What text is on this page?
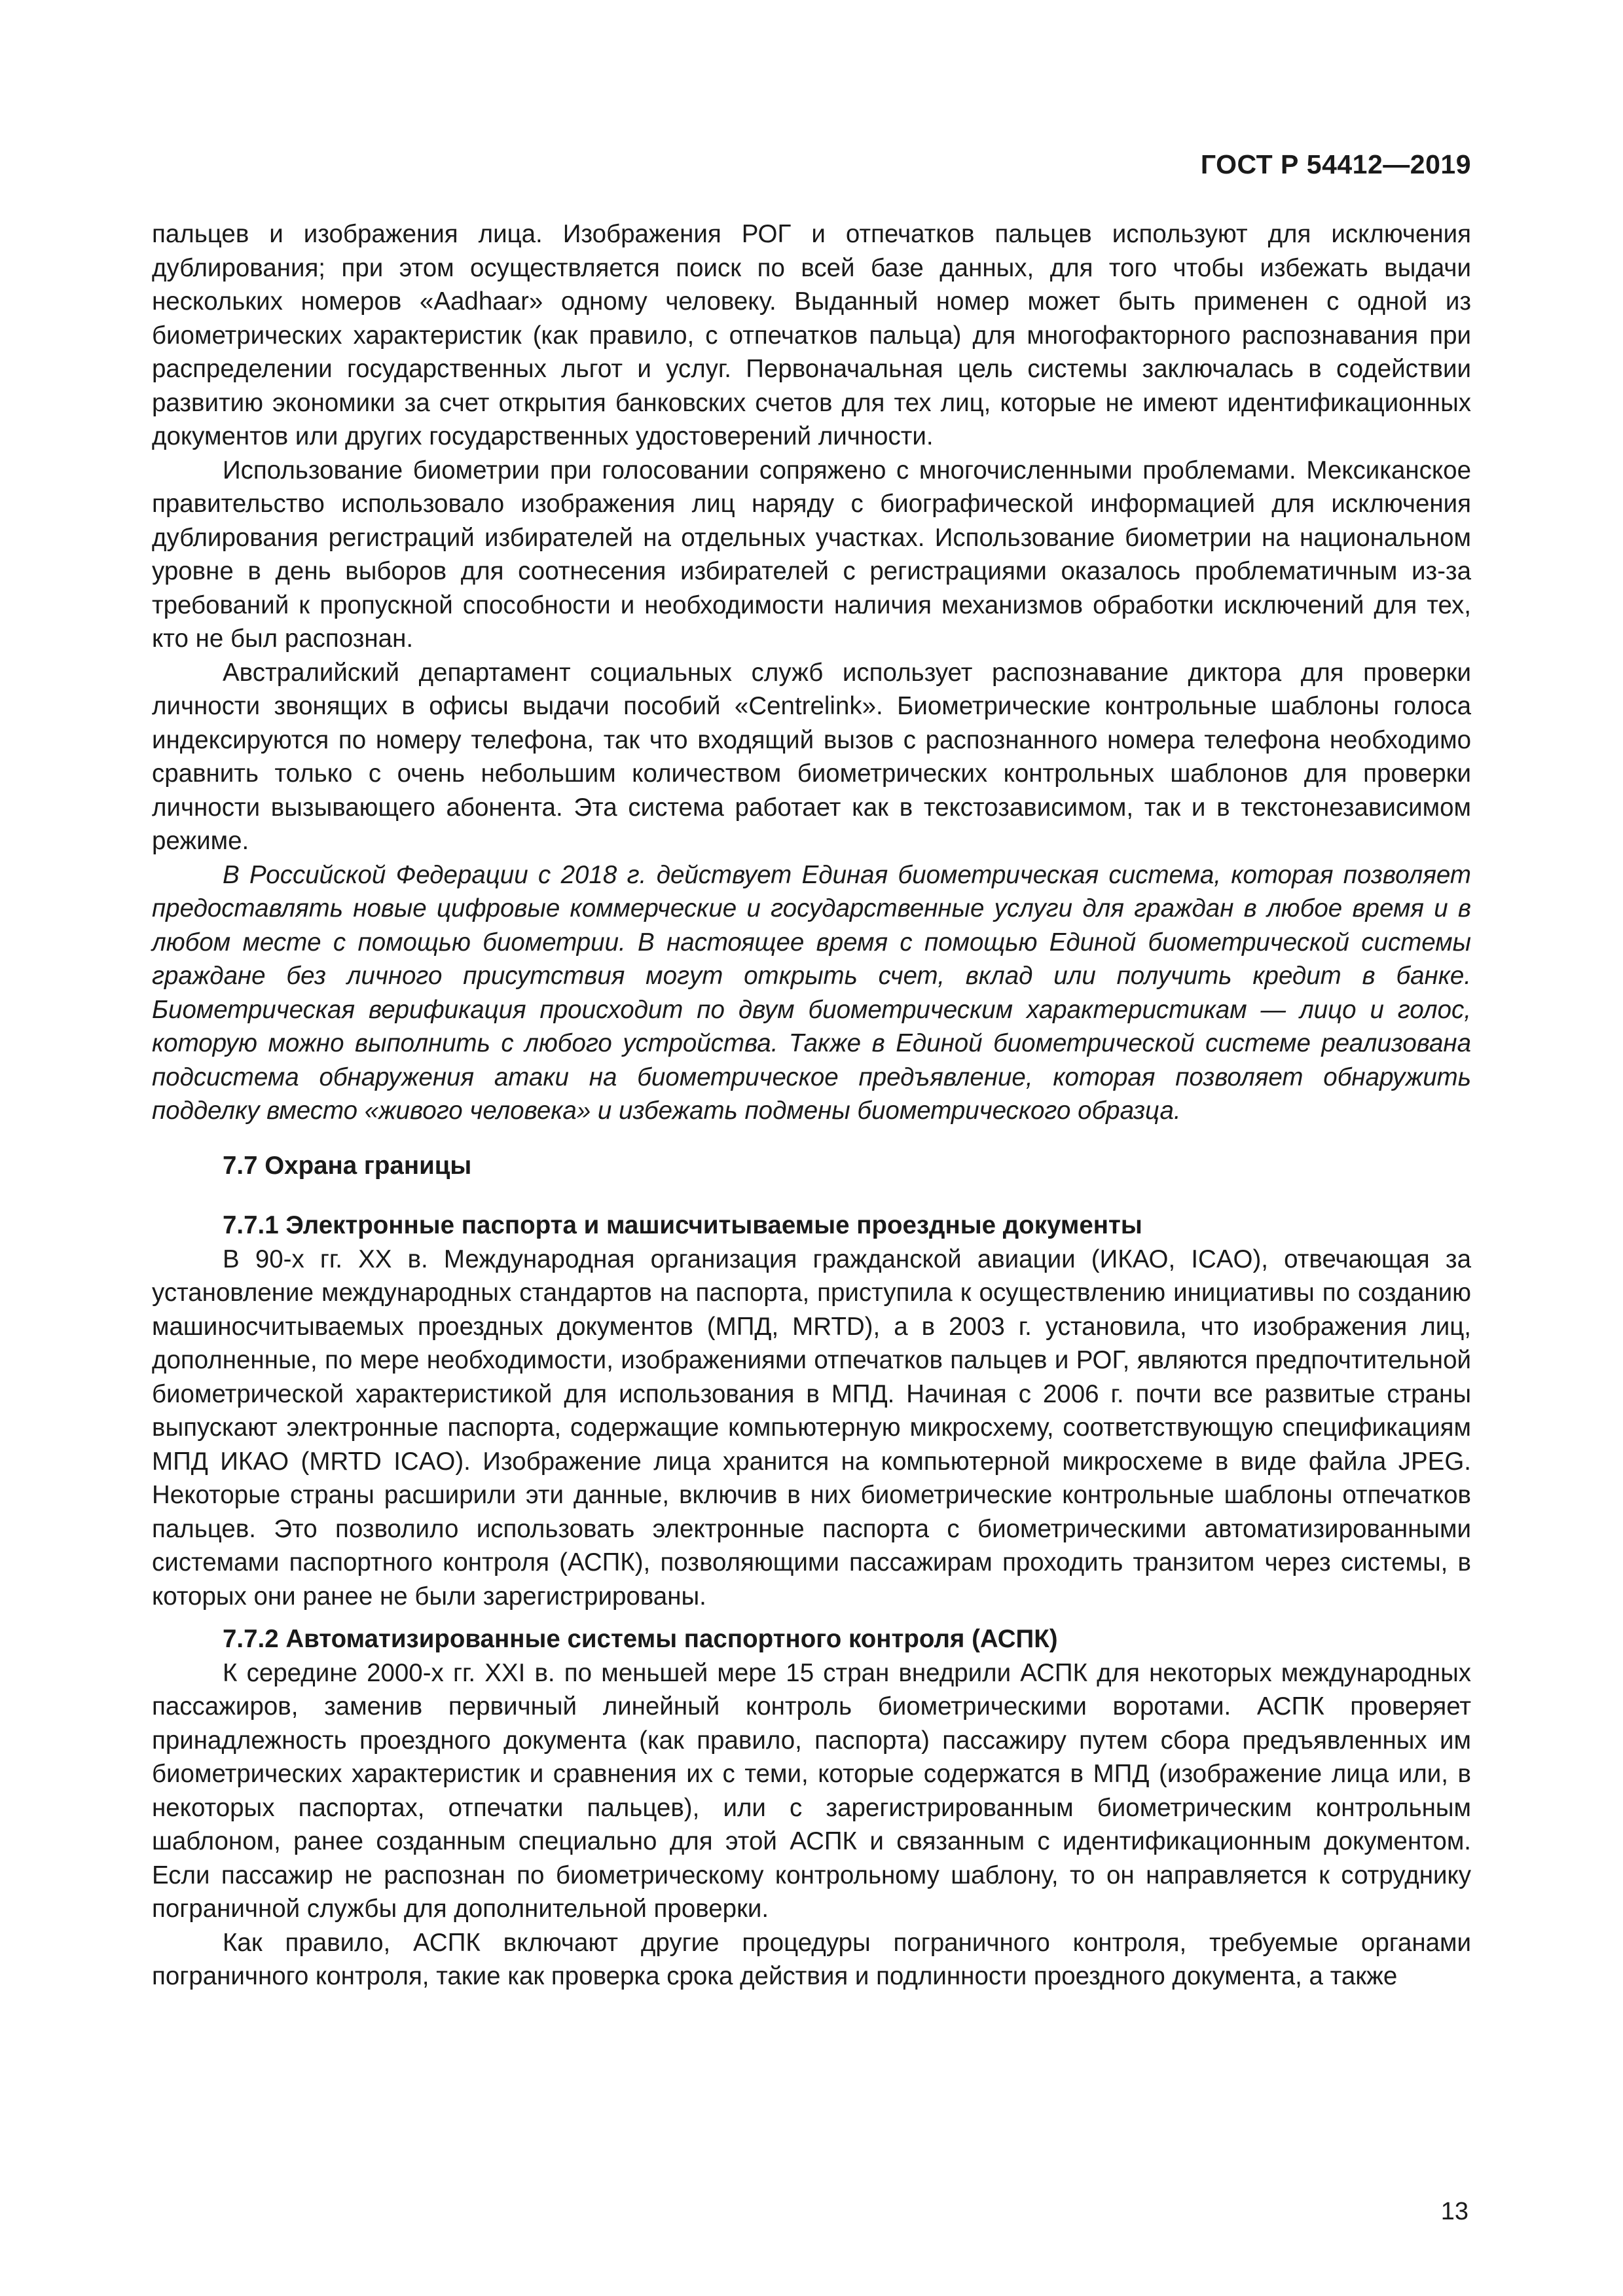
ГОСТ Р 54412—2019

пальцев и изображения лица. Изображения РОГ и отпечатков пальцев используют для исключения дублирования; при этом осуществляется поиск по всей базе данных, для того чтобы избежать выдачи нескольких номеров «Aadhaar» одному человеку. Выданный номер может быть применен с одной из биометрических характеристик (как правило, с отпечатков пальца) для многофакторного распознавания при распределении государственных льгот и услуг. Первоначальная цель системы заключалась в содействии развитию экономики за счет открытия банковских счетов для тех лиц, которые не имеют идентификационных документов или других государственных удостоверений личности.

Использование биометрии при голосовании сопряжено с многочисленными проблемами. Мексиканское правительство использовало изображения лиц наряду с биографической информацией для исключения дублирования регистраций избирателей на отдельных участках. Использование биометрии на национальном уровне в день выборов для соотнесения избирателей с регистрациями оказалось проблематичным из-за требований к пропускной способности и необходимости наличия механизмов обработки исключений для тех, кто не был распознан.

Австралийский департамент социальных служб использует распознавание диктора для проверки личности звонящих в офисы выдачи пособий «Centrelink». Биометрические контрольные шаблоны голоса индексируются по номеру телефона, так что входящий вызов с распознанного номера телефона необходимо сравнить только с очень небольшим количеством биометрических контрольных шаблонов для проверки личности вызывающего абонента. Эта система работает как в текстозависимом, так и в текстонезависимом режиме.

В Российской Федерации с 2018 г. действует Единая биометрическая система, которая позволяет предоставлять новые цифровые коммерческие и государственные услуги для граждан в любое время и в любом месте с помощью биометрии. В настоящее время с помощью Единой биометрической системы граждане без личного присутствия могут открыть счет, вклад или получить кредит в банке. Биометрическая верификация происходит по двум биометрическим характеристикам — лицо и голос, которую можно выполнить с любого устройства. Также в Единой биометрической системе реализована подсистема обнаружения атаки на биометрическое предъявление, которая позволяет обнаружить подделку вместо «живого человека» и избежать подмены биометрического образца.

7.7 Охрана границы
7.7.1 Электронные паспорта и машисчитываемые проездные документы

В 90-х гг. XX в. Международная организация гражданской авиации (ИКАО, ICAO), отвечающая за установление международных стандартов на паспорта, приступила к осуществлению инициативы по созданию машиносчитываемых проездных документов (МПД, MRTD), а в 2003 г. установила, что изображения лиц, дополненные, по мере необходимости, изображениями отпечатков пальцев и РОГ, являются предпочтительной биометрической характеристикой для использования в МПД. Начиная с 2006 г. почти все развитые страны выпускают электронные паспорта, содержащие компьютерную микросхему, соответствующую спецификациям МПД ИКАО (MRTD ICAO). Изображение лица хранится на компьютерной микросхеме в виде файла JPEG. Некоторые страны расширили эти данные, включив в них биометрические контрольные шаблоны отпечатков пальцев. Это позволило использовать электронные паспорта с биометрическими автоматизированными системами паспортного контроля (АСПК), позволяющими пассажирам проходить транзитом через системы, в которых они ранее не были зарегистрированы.

7.7.2 Автоматизированные системы паспортного контроля (АСПК)

К середине 2000-х гг. XXI в. по меньшей мере 15 стран внедрили АСПК для некоторых международных пассажиров, заменив первичный линейный контроль биометрическими воротами. АСПК проверяет принадлежность проездного документа (как правило, паспорта) пассажиру путем сбора предъявленных им биометрических характеристик и сравнения их с теми, которые содержатся в МПД (изображение лица или, в некоторых паспортах, отпечатки пальцев), или с зарегистрированным биометрическим контрольным шаблоном, ранее созданным специально для этой АСПК и связанным с идентификационным документом. Если пассажир не распознан по биометрическому контрольному шаблону, то он направляется к сотруднику пограничной службы для дополнительной проверки.

Как правило, АСПК включают другие процедуры пограничного контроля, требуемые органами пограничного контроля, такие как проверка срока действия и подлинности проездного документа, а также

13
